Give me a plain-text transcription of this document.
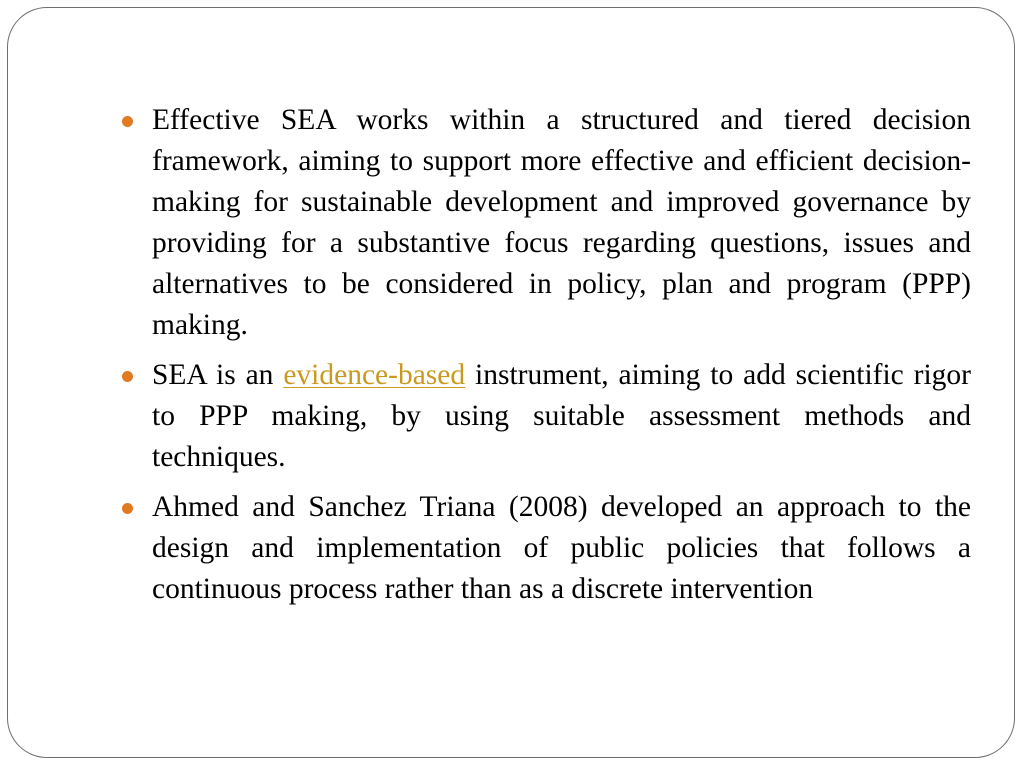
Effective SEA works within a structured and tiered decision framework, aiming to support more effective and efficient decision-making for sustainable development and improved governance by providing for a substantive focus regarding questions, issues and alternatives to be considered in policy, plan and program (PPP) making.
SEA is an evidence-based instrument, aiming to add scientific rigor to PPP making, by using suitable assessment methods and techniques.
Ahmed and Sanchez Triana (2008) developed an approach to the design and implementation of public policies that follows a continuous process rather than as a discrete intervention
